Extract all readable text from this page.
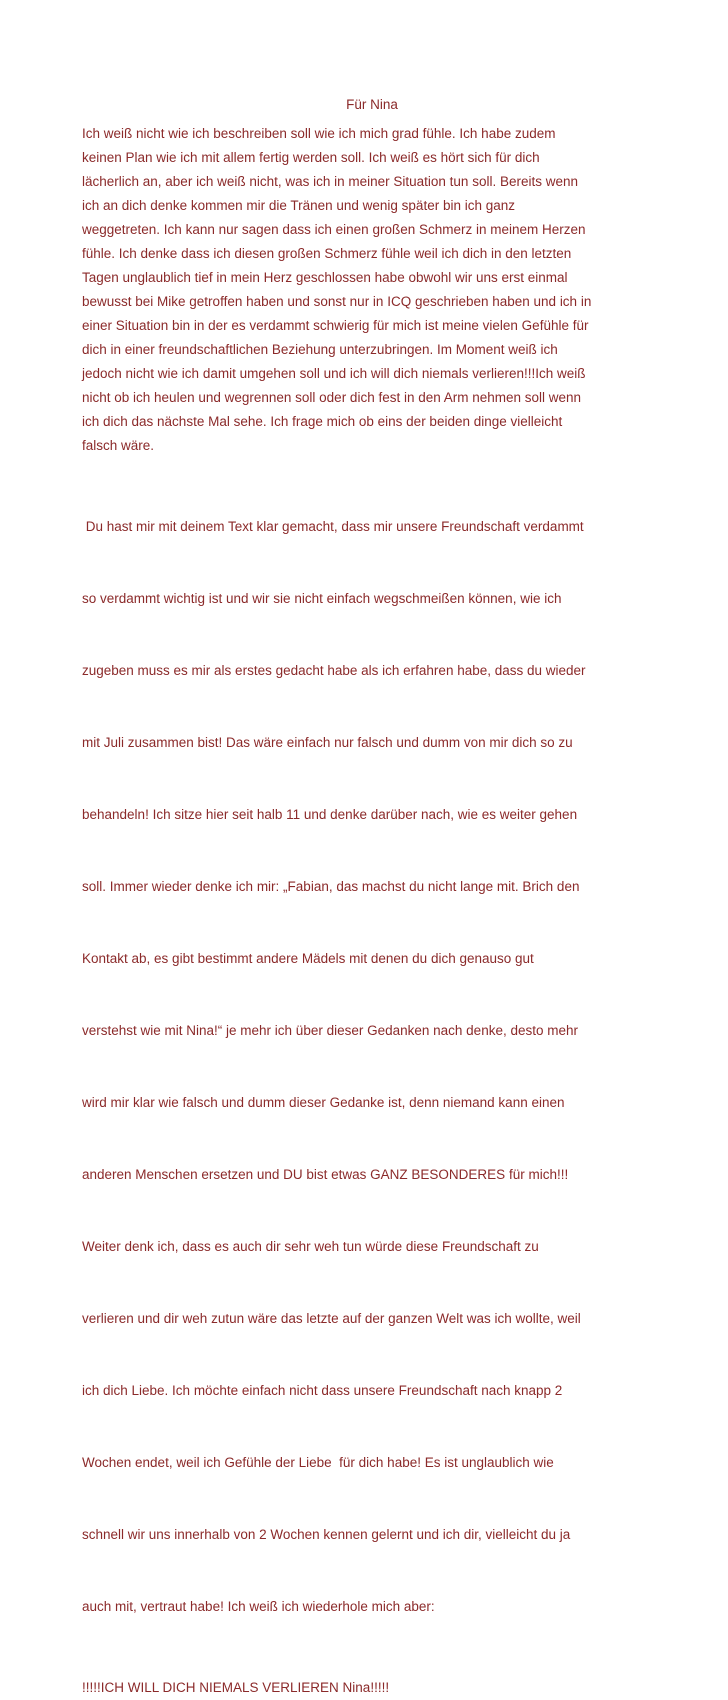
Für Nina
Ich weiß nicht wie ich beschreiben soll wie ich mich grad fühle. Ich habe zudem
keinen Plan wie ich mit allem fertig werden soll. Ich weiß es hört sich für dich
lächerlich an, aber ich weiß nicht, was ich in meiner Situation tun soll. Bereits wenn
ich an dich denke kommen mir die Tränen und wenig später bin ich ganz
weggetreten. Ich kann nur sagen dass ich einen großen Schmerz in meinem Herzen
fühle. Ich denke dass ich diesen großen Schmerz fühle weil ich dich in den letzten
Tagen unglaublich tief in mein Herz geschlossen habe obwohl wir uns erst einmal
bewusst bei Mike getroffen haben und sonst nur in ICQ geschrieben haben und ich in
einer Situation bin in der es verdammt schwierig für mich ist meine vielen Gefühle für
dich in einer freundschaftlichen Beziehung unterzubringen. Im Moment weiß ich
jedoch nicht wie ich damit umgehen soll und ich will dich niemals verlieren!!!Ich weiß
nicht ob ich heulen und wegrennen soll oder dich fest in den Arm nehmen soll wenn
ich dich das nächste Mal sehe. Ich frage mich ob eins der beiden dinge vielleicht
falsch wäre.

Du hast mir mit deinem Text klar gemacht, dass mir unsere Freundschaft verdammt

so verdammt wichtig ist und wir sie nicht einfach wegschmeißen können, wie ich

zugeben muss es mir als erstes gedacht habe als ich erfahren habe, dass du wieder

mit Juli zusammen bist! Das wäre einfach nur falsch und dumm von mir dich so zu

behandeln! Ich sitze hier seit halb 11 und denke darüber nach, wie es weiter gehen

soll. Immer wieder denke ich mir: „Fabian, das machst du nicht lange mit. Brich den

Kontakt ab, es gibt bestimmt andere Mädels mit denen du dich genauso gut

verstehst wie mit Nina!“ je mehr ich über dieser Gedanken nach denke, desto mehr

wird mir klar wie falsch und dumm dieser Gedanke ist, denn niemand kann einen

anderen Menschen ersetzen und DU bist etwas GANZ BESONDERES für mich!!!

Weiter denk ich, dass es auch dir sehr weh tun würde diese Freundschaft zu

verlieren und dir weh zutun wäre das letzte auf der ganzen Welt was ich wollte, weil

ich dich Liebe. Ich möchte einfach nicht dass unsere Freundschaft nach knapp 2

Wochen endet, weil ich Gefühle der Liebe  für dich habe! Es ist unglaublich wie

schnell wir uns innerhalb von 2 Wochen kennen gelernt und ich dir, vielleicht du ja

auch mit, vertraut habe! Ich weiß ich wiederhole mich aber:

!!!!!ICH WILL DICH NIEMALS VERLIEREN Nina!!!!!
